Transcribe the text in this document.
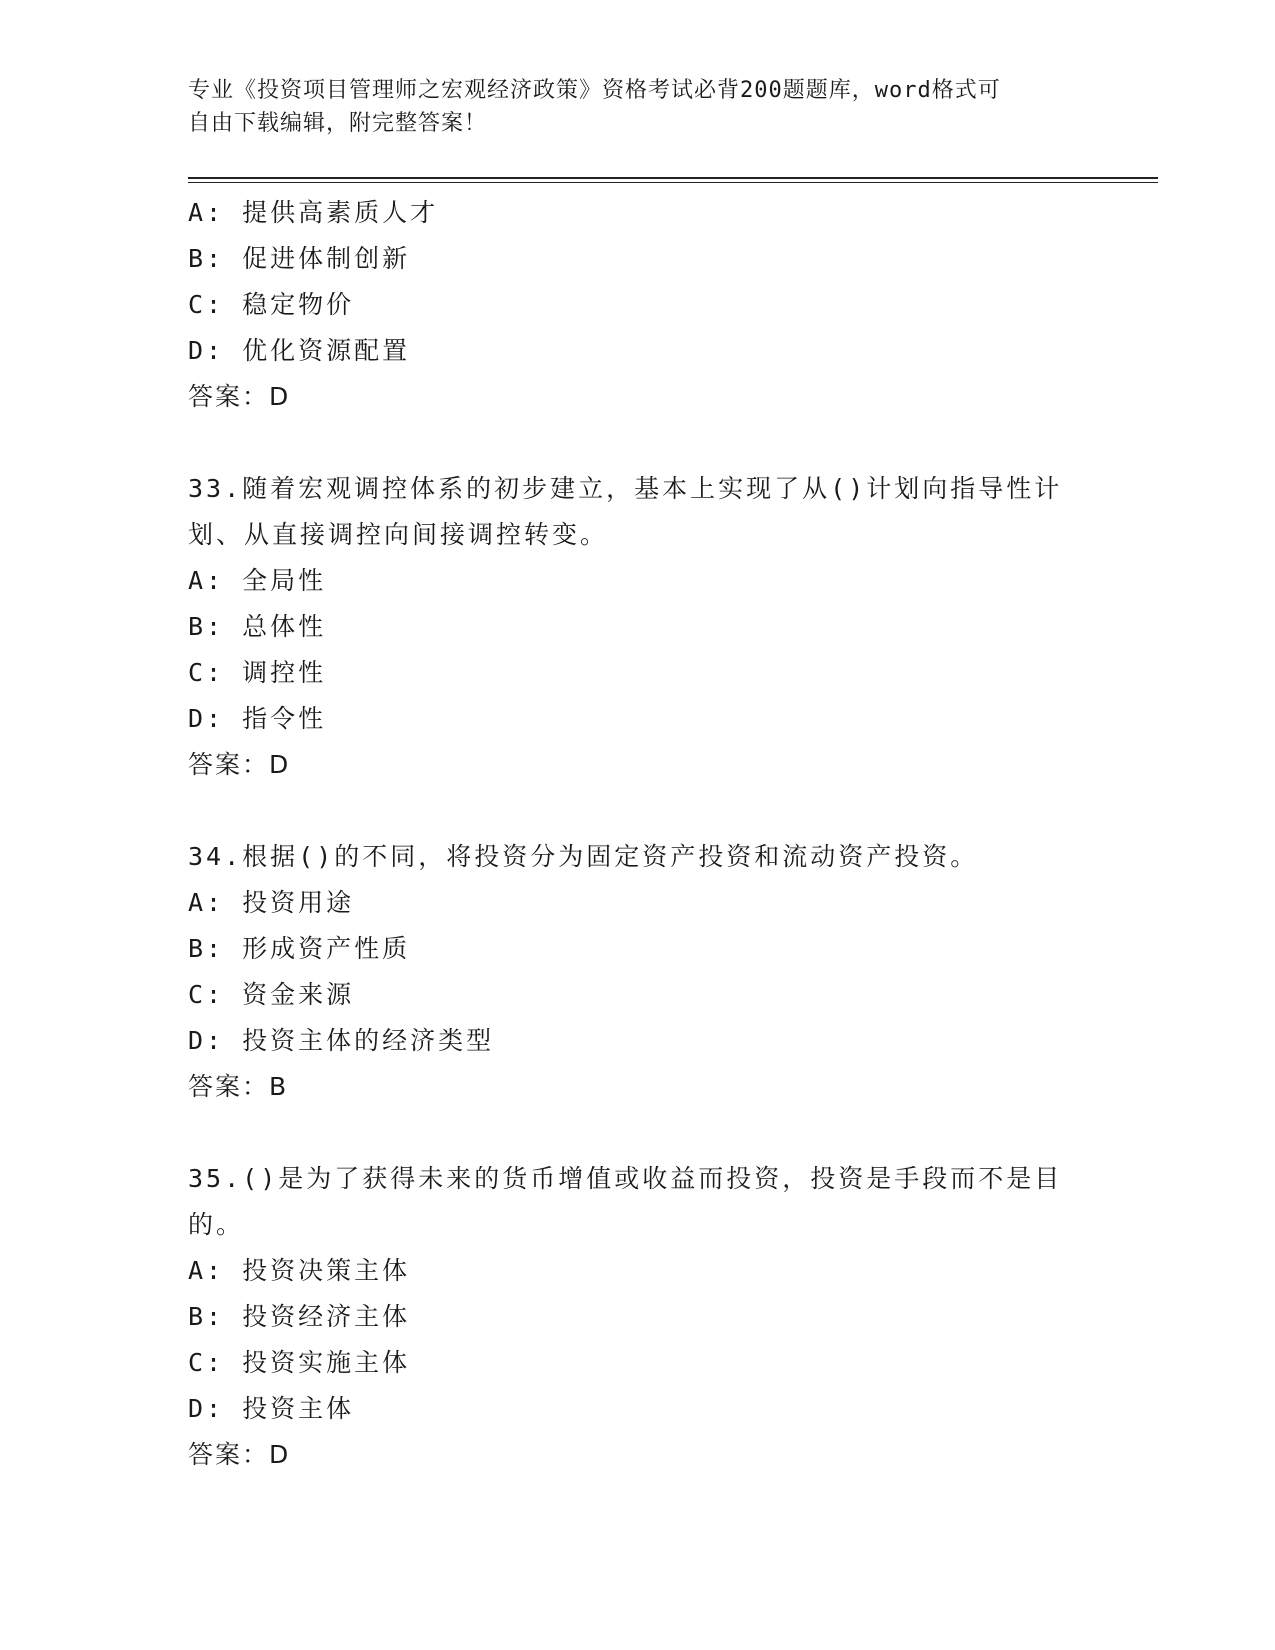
专业《投资项目管理师之宏观经济政策》资格考试必背200题题库，word格式可
自由下载编辑，附完整答案！
A: 提供高素质人才
B: 促进体制创新
C: 稳定物价
D: 优化资源配置
答案：D
33.随着宏观调控体系的初步建立，基本上实现了从()计划向指导性计
划、从直接调控向间接调控转变。
A: 全局性
B: 总体性
C: 调控性
D: 指令性
答案：D
34.根据()的不同，将投资分为固定资产投资和流动资产投资。
A: 投资用途
B: 形成资产性质
C: 资金来源
D: 投资主体的经济类型
答案：B
35.()是为了获得未来的货币增值或收益而投资，投资是手段而不是目
的。
A: 投资决策主体
B: 投资经济主体
C: 投资实施主体
D: 投资主体
答案：D
